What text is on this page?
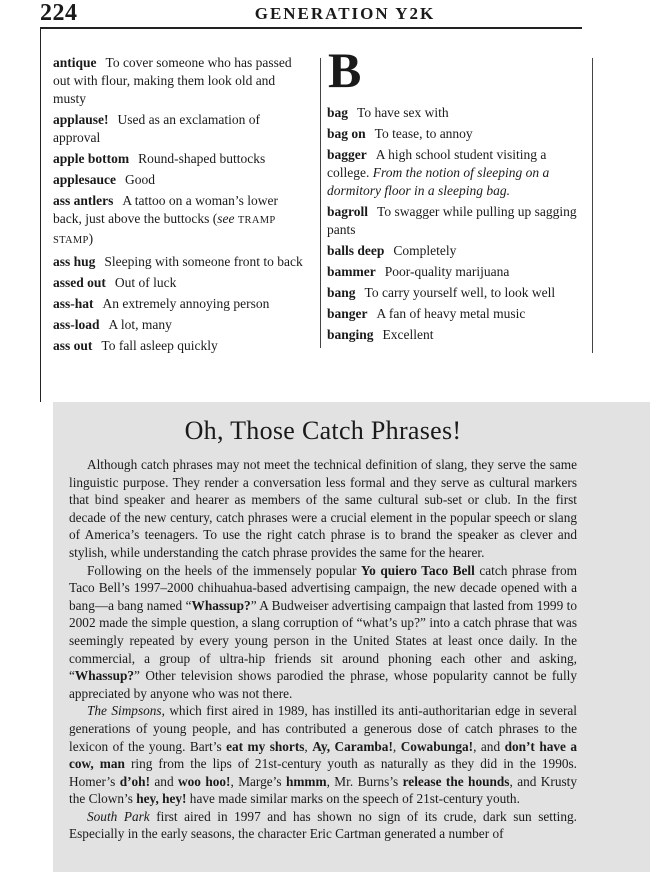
224	GENERATION Y2K
antique To cover someone who has passed out with flour, making them look old and musty
applause! Used as an exclamation of approval
apple bottom Round-shaped buttocks
applesauce Good
ass antlers A tattoo on a woman’s lower back, just above the buttocks (see TRAMP STAMP)
ass hug Sleeping with someone front to back
assed out Out of luck
ass-hat An extremely annoying person
ass-load A lot, many
ass out To fall asleep quickly
B
bag To have sex with
bag on To tease, to annoy
bagger A high school student visiting a college. From the notion of sleeping on a dormitory floor in a sleeping bag.
bagroll To swagger while pulling up sagging pants
balls deep Completely
bammer Poor-quality marijuana
bang To carry yourself well, to look well
banger A fan of heavy metal music
banging Excellent
Oh, Those Catch Phrases!

Although catch phrases may not meet the technical definition of slang, they serve the same linguistic purpose. They render a conversation less formal and they serve as cultural markers that bind speaker and hearer as members of the same cultural sub-set or club. In the first decade of the new century, catch phrases were a crucial element in the popular speech or slang of America’s teenagers. To use the right catch phrase is to brand the speaker as clever and stylish, while understanding the catch phrase provides the same for the hearer.

Following on the heels of the immensely popular Yo quiero Taco Bell catch phrase from Taco Bell’s 1997–2000 chihuahua-based advertising campaign, the new decade opened with a bang—a bang named “Whassup?” A Budweiser advertising campaign that lasted from 1999 to 2002 made the simple question, a slang corruption of “what’s up?” into a catch phrase that was seemingly repeated by every young person in the United States at least once daily. In the commercial, a group of ultra-hip friends sit around phoning each other and asking, “Whassup?” Other television shows parodied the phrase, whose popularity cannot be fully appreciated by anyone who was not there.

The Simpsons, which first aired in 1989, has instilled its anti-authoritarian edge in several generations of young people, and has contributed a generous dose of catch phrases to the lexicon of the young. Bart’s eat my shorts, Ay, Caramba!, Cowabunga!, and don’t have a cow, man ring from the lips of 21st-century youth as naturally as they did in the 1990s. Homer’s d’oh! and woo hoo!, Marge’s hmmm, Mr. Burns’s release the hounds, and Krusty the Clown’s hey, hey! have made similar marks on the speech of 21st-century youth.

South Park first aired in 1997 and has shown no sign of its crude, dark sun setting. Especially in the early seasons, the character Eric Cartman generated a number of
